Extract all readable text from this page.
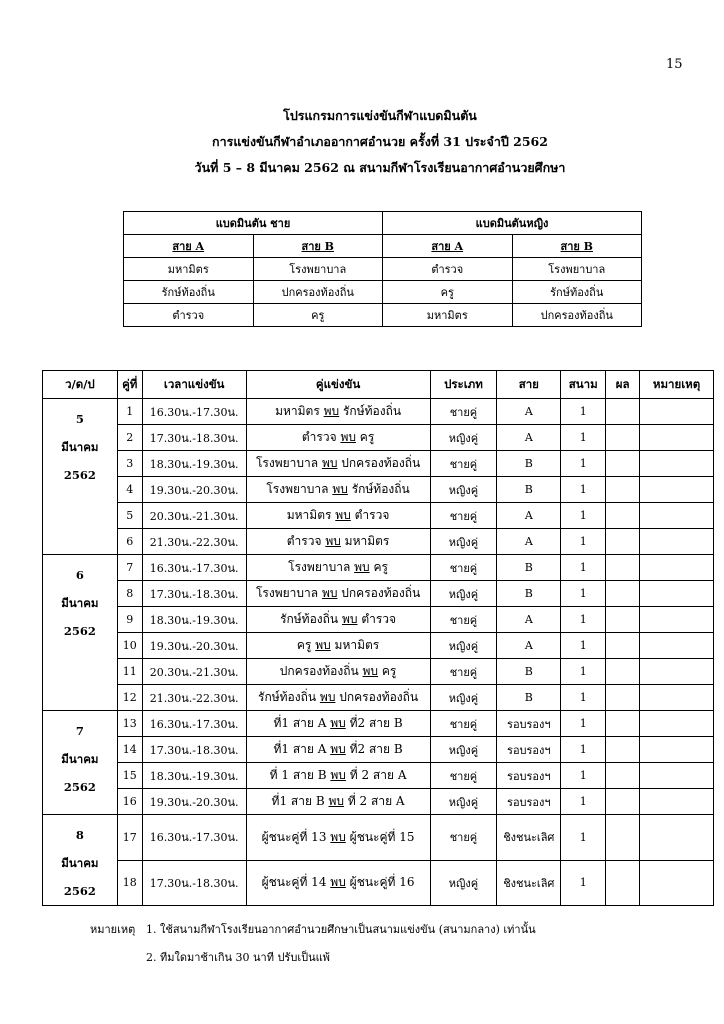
15
โปรแกรมการแข่งขันกีฬาแบดมินตัน
การแข่งขันกีฬาอำเภออากาศอำนวย ครั้งที่ 31 ประจำปี 2562
วันที่ 5 – 8 มีนาคม 2562 ณ สนามกีฬาโรงเรียนอากาศอำนวยศึกษา
แบดมินตัน ชาย		แบดมินตันหญิง	
สาย A	สาย B	สาย A	สาย B
มหามิตร	โรงพยาบาล	ตำรวจ	โรงพยาบาล
รักษ์ท้องถิ่น	ปกครองท้องถิ่น	ครู	รักษ์ท้องถิ่น
ตำรวจ	ครู	มหามิตร	ปกครองท้องถิ่น
ว/ด/ป	คู่ที่	เวลาแข่งขัน	คู่แข่งขัน	ประเภท	สาย	สนาม	ผล	หมายเหตุ

5
มีนาคม
2562	1	16.30น.-17.30น.	มหามิตร พบ รักษ์ท้องถิ่น	ชายคู่	A	1		
	2	17.30น.-18.30น.	ตำรวจ พบ ครู	หญิงคู่	A	1		
	3	18.30น.-19.30น.	โรงพยาบาล พบ ปกครองท้องถิ่น	ชายคู่	B	1		
	4	19.30น.-20.30น.	โรงพยาบาล พบ รักษ์ท้องถิ่น	หญิงคู่	B	1		
	5	20.30น.-21.30น.	มหามิตร พบ ตำรวจ	ชายคู่	A	1		
	6	21.30น.-22.30น.	ตำรวจ พบ มหามิตร	หญิงคู่	A	1		

6
มีนาคม
2562	7	16.30น.-17.30น.	โรงพยาบาล พบ ครู	ชายคู่	B	1		
	8	17.30น.-18.30น.	โรงพยาบาล พบ ปกครองท้องถิ่น	หญิงคู่	B	1		
	9	18.30น.-19.30น.	รักษ์ท้องถิ่น พบ ตำรวจ	ชายคู่	A	1		
	10	19.30น.-20.30น.	ครู พบ มหามิตร	หญิงคู่	A	1		
	11	20.30น.-21.30น.	ปกครองท้องถิ่น พบ ครู	ชายคู่	B	1		
	12	21.30น.-22.30น.	รักษ์ท้องถิ่น พบ ปกครองท้องถิ่น	หญิงคู่	B	1		

7
มีนาคม
2562	13	16.30น.-17.30น.	ที่1 สาย A พบ ที่2 สาย B	ชายคู่	รอบรองฯ	1		
	14	17.30น.-18.30น.	ที่1 สาย A พบ ที่2 สาย B	หญิงคู่	รอบรองฯ	1		
	15	18.30น.-19.30น.	ที่ 1 สาย B พบ ที่ 2 สาย A	ชายคู่	รอบรองฯ	1		
	16	19.30น.-20.30น.	ที่1 สาย B พบ ที่ 2 สาย A	หญิงคู่	รอบรองฯ	1		

8
มีนาคม
2562	17	16.30น.-17.30น.	ผู้ชนะคู่ที่ 13 พบ ผู้ชนะคู่ที่ 15	ชายคู่	ชิงชนะเลิศ	1		
	18	17.30น.-18.30น.	ผู้ชนะคู่ที่ 14 พบ ผู้ชนะคู่ที่ 16	หญิงคู่	ชิงชนะเลิศ	1		
หมายเหตุ 1. ใช้สนามกีฬาโรงเรียนอากาศอำนวยศึกษาเป็นสนามแข่งขัน (สนามกลาง) เท่านั้น
2. ทีมใดมาช้าเกิน 30 นาที ปรับเป็นแพ้
